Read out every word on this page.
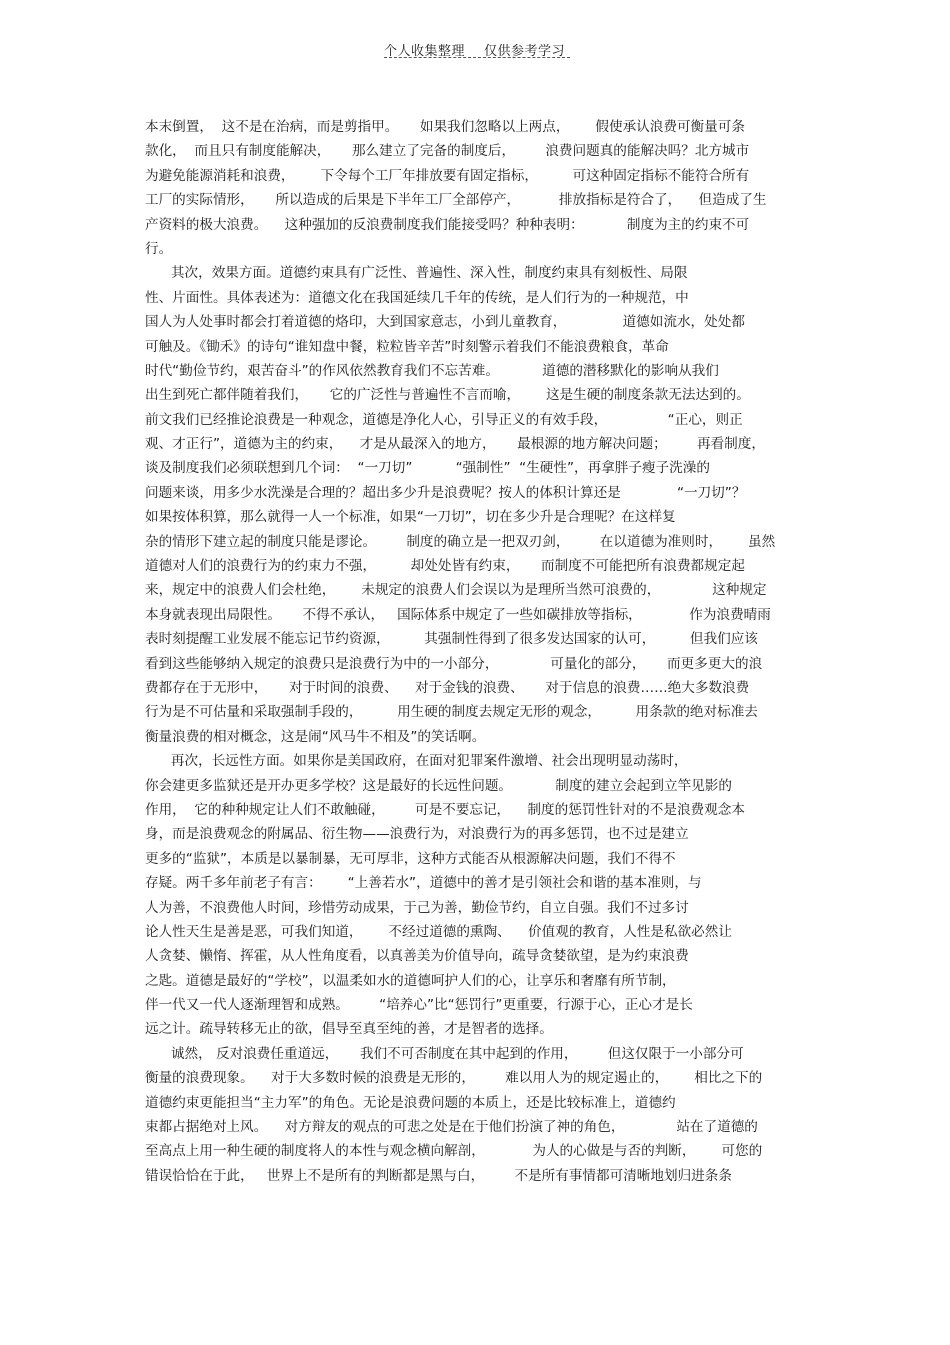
个人收集整理 仅供参考学习
本末倒置，  这不是在治病，而是剪指甲。     如果我们忽略以上两点，      假使承认浪费可衡量可条
款化，  而且只有制度能解决，     那么建立了完备的制度后，       浪费问题真的能解决吗？北方城市
为避免能源消耗和浪费，      下令每个工厂年排放要有固定指标，        可这种固定指标不能符合所有
工厂的实际情形，     所以造成的后果是下半年工厂全部停产，         排放指标是符合了，    但造成了生
产资料的极大浪费。    这种强加的反浪费制度我们能接受吗？种种表明：          制度为主的约束不可
行。
其次，效果方面。道德约束具有广泛性、普遍性、深入性，制度约束具有刻板性、局限
性、片面性。具体表述为：道德文化在我国延续几千年的传统，是人们行为的一种规范，中
国人为人处事时都会打着道德的烙印，大到国家意志，小到儿童教育，             道德如流水，处处都
可触及。《锄禾》的诗句“谁知盘中餐，粒粒皆辛苦”时刻警示着我们不能浪费粮食，革命
时代“勤俭节约，艰苦奋斗”的作风依然教育我们不忘苦难。          道德的潜移默化的影响从我们
出生到死亡都伴随着我们，     它的广泛性与普遍性不言而喻，      这是生硬的制度条款无法达到的。
前文我们已经推论浪费是一种观念，道德是净化人心，引导正义的有效手段，              “正心，则正
观、才正行”，道德为主的约束，    才是从最深入的地方，     最根源的地方解决问题；       再看制度，
谈及制度我们必须联想到几个词：  “一刀切”          “强制性”  “生硬性”，再拿胖子瘦子洗澡的
问题来谈，用多少水洗澡是合理的？超出多少升是浪费呢？按人的体积计算还是             “一刀切”？
如果按体积算，那么就得一人一个标准，如果“一刀切”，切在多少升是合理呢？在这样复
杂的情形下建立起的制度只能是谬论。       制度的确立是一把双刃剑，       在以道德为准则时，      虽然
道德对人们的浪费行为的约束力不强，        却处处皆有约束，     而制度不可能把所有浪费都规定起
来，规定中的浪费人们会杜绝，      未规定的浪费人们会误以为是理所当然可浪费的，            这种规定
本身就表现出局限性。     不得不承认，   国际体系中规定了一些如碳排放等指标，           作为浪费晴雨
表时刻提醒工业发展不能忘记节约资源，        其强制性得到了很多发达国家的认可，        但我们应该
看到这些能够纳入规定的浪费只是浪费行为中的一小部分，            可量化的部分，     而更多更大的浪
费都存在于无形中，     对于时间的浪费、    对于金钱的浪费、     对于信息的浪费……绝大多数浪费
行为是不可估量和采取强制手段的，        用生硬的制度去规定无形的观念，        用条款的绝对标准去
衡量浪费的相对概念，这是闹“风马牛不相及”的笑话啊。
再次，长远性方面。如果你是美国政府，在面对犯罪案件激增、社会出现明显动荡时，
你会建更多监狱还是开办更多学校？这是最好的长远性问题。          制度的建立会起到立竿见影的
作用，  它的种种规定让人们不敢触碰，       可是不要忘记，    制度的惩罚性针对的不是浪费观念本
身，而是浪费观念的附属品、衍生物——浪费行为，对浪费行为的再多惩罚，也不过是建立
更多的“监狱”，本质是以暴制暴，无可厚非，这种方式能否从根源解决问题，我们不得不
存疑。两千多年前老子有言：      “上善若水”，道德中的善才是引领社会和谐的基本准则，与
人为善，不浪费他人时间，珍惜劳动成果，于己为善，勤俭节约，自立自强。我们不过多讨
论人性天生是善是恶，可我们知道，      不经过道德的熏陶、    价值观的教育，人性是私欲必然让
人贪婪、懒惰、挥霍，从人性角度看，以真善美为价值导向，疏导贪婪欲望，是为约束浪费
之匙。道德是最好的“学校”，以温柔如水的道德呵护人们的心，让享乐和奢靡有所节制，
伴一代又一代人逐渐理智和成熟。       “培养心”比“惩罚行”更重要，行源于心，正心才是长
远之计。疏导转移无止的欲，倡导至真至纯的善，才是智者的选择。
诚然， 反对浪费任重道远，     我们不可否制度在其中起到的作用，       但这仅限于一小部分可
衡量的浪费现象。    对于大多数时候的浪费是无形的，       难以用人为的规定遏止的，      相比之下的
道德约束更能担当“主力军”的角色。无论是浪费问题的本质上，还是比较标准上，道德约
束都占据绝对上风。    对方辩友的观点的可悲之处是在于他们扮演了神的角色，            站在了道德的
至高点上用一种生硬的制度将人的本性与观念横向解剖，           为人的心做是与否的判断，      可您的
错误恰恰在于此，   世界上不是所有的判断都是黑与白，       不是所有事情都可清晰地划归进条条
